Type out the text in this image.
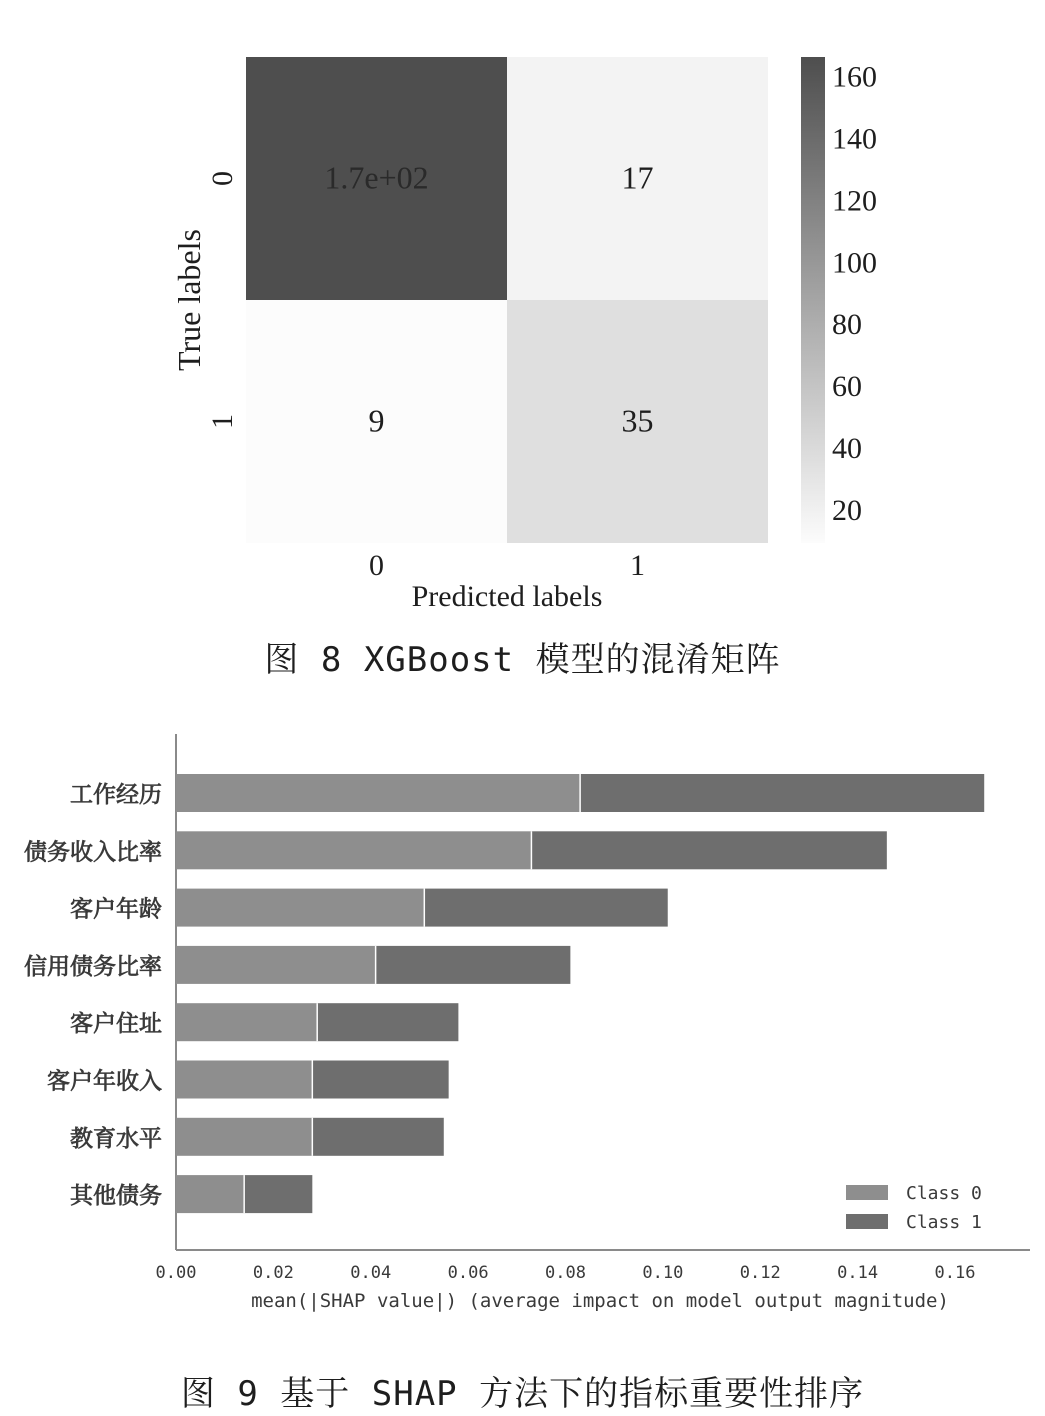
1.7e+02	17
9	35
0	1
0
1
Predicted labels
True labels
20
40
60
80
100
120
140
160
图 8 XGBoost 模型的混淆矩阵
工作经历
债务收入比率
客户年龄
信用债务比率
客户住址
客户年收入
教育水平
其他债务
0.00	0.02	0.04	0.06	0.08	0.10	0.12	0.14	0.16
mean(|SHAP value|) (average impact on model output magnitude)
Class 0
Class 1
图 9 基于 SHAP 方法下的指标重要性排序
